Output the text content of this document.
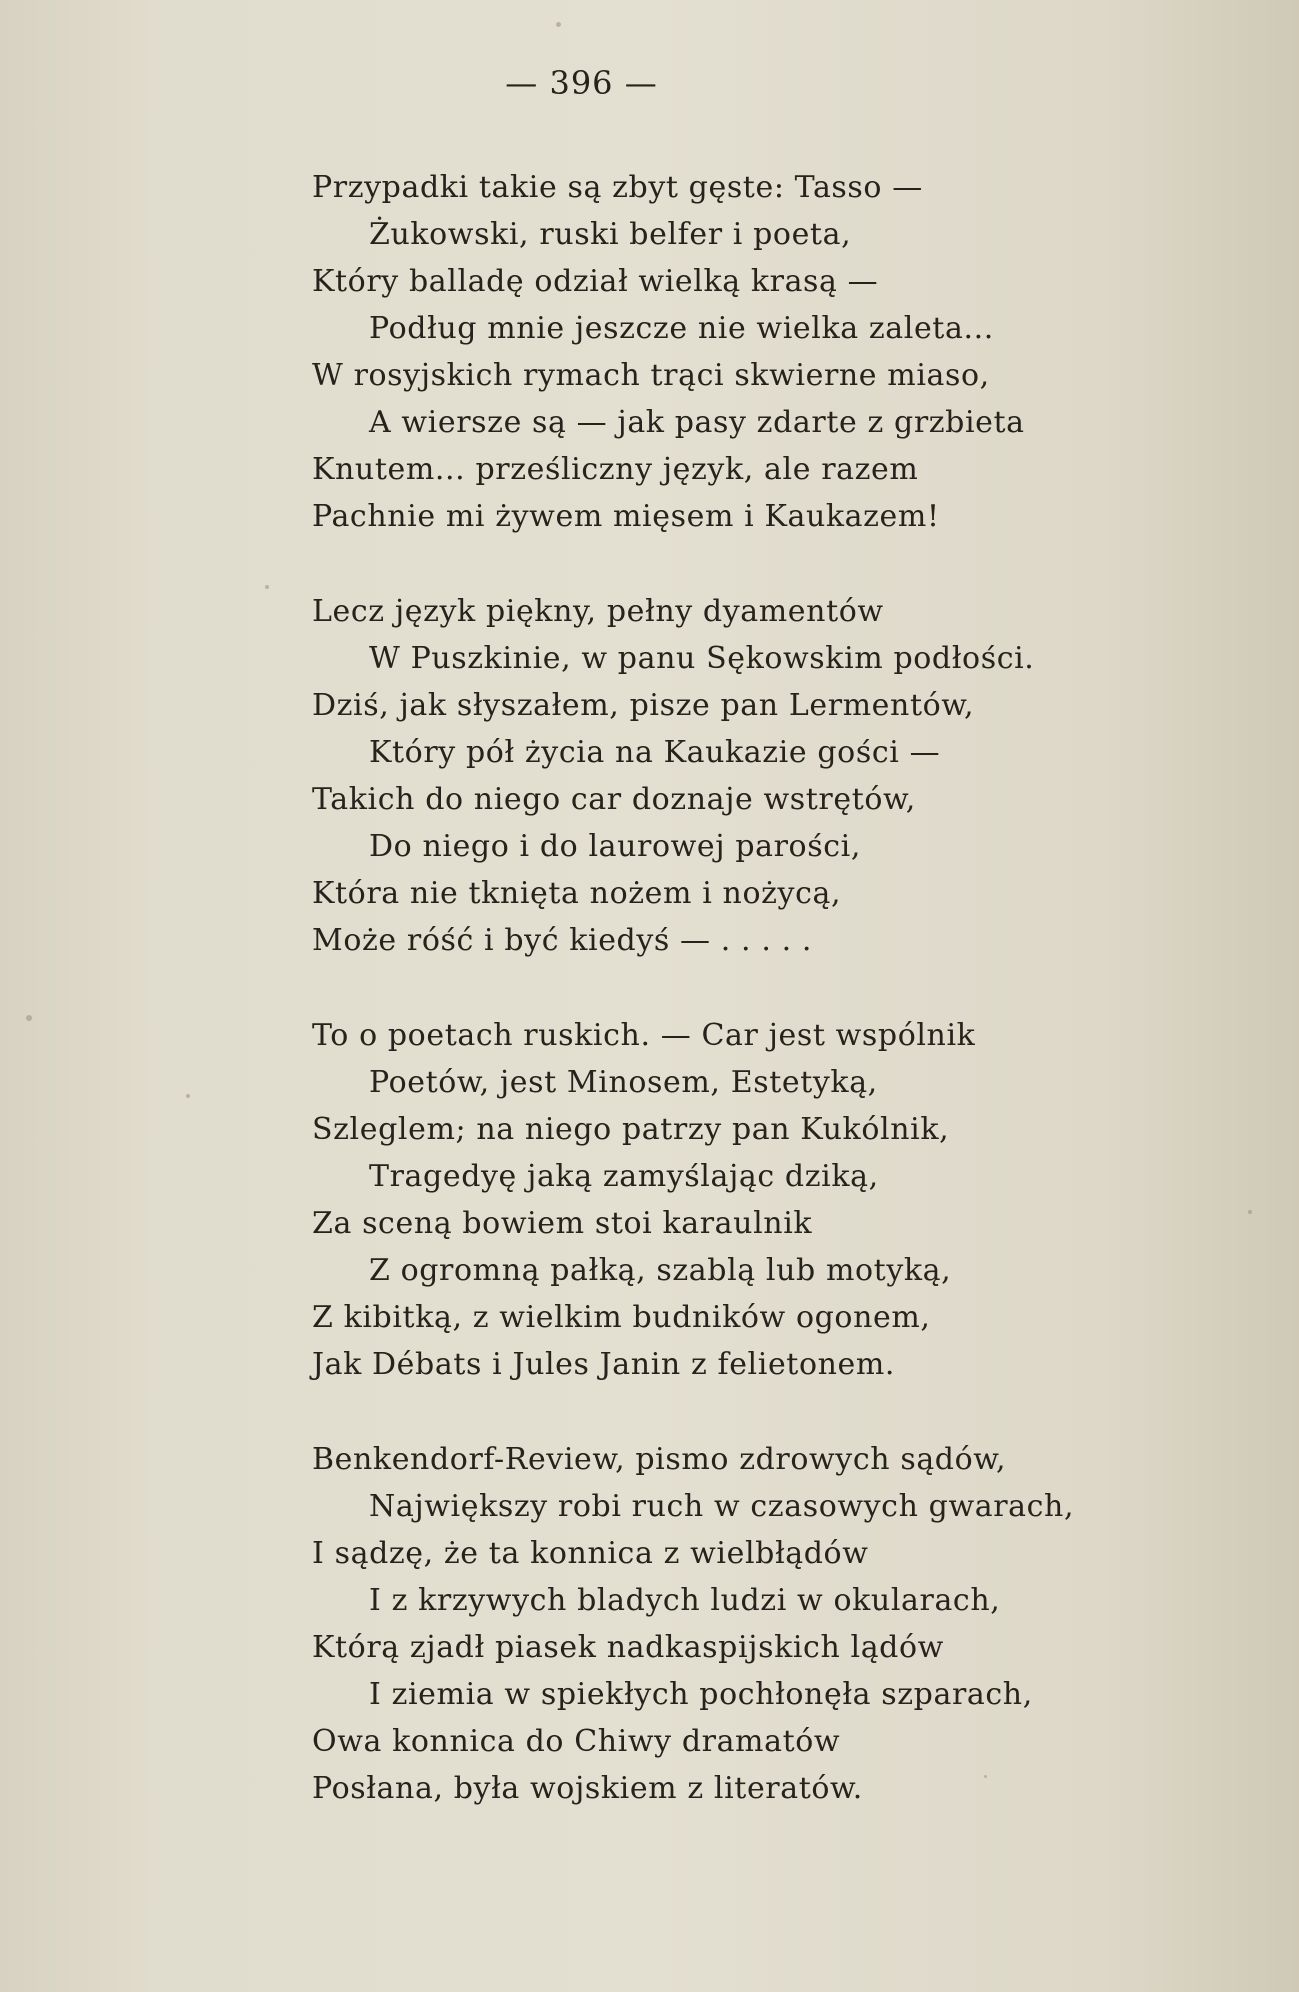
— 396 —
Przypadki takie są zbyt gęste: Tasso —
Żukowski, ruski belfer i poeta,
Który balladę odział wielką krasą —
Podług mnie jeszcze nie wielka zaleta...
W rosyjskich rymach trąci skwierne miaso,
A wiersze są — jak pasy zdarte z grzbieta
Knutem... prześliczny język, ale razem
Pachnie mi żywem mięsem i Kaukazem!
Lecz język piękny, pełny dyamentów
W Puszkinie, w panu Sękowskim podłości.
Dziś, jak słyszałem, pisze pan Lermentów,
Który pół życia na Kaukazie gości —
Takich do niego car doznaje wstrętów,
Do niego i do laurowej parości,
Która nie tknięta nożem i nożycą,
Może róść i być kiedyś — . . . . .
To o poetach ruskich. — Car jest wspólnik
Poetów, jest Minosem, Estetyką,
Szleglem; na niego patrzy pan Kukólnik,
Tragedyę jaką zamyślając dziką,
Za sceną bowiem stoi karaulnik
Z ogromną pałką, szablą lub motyką,
Z kibitką, z wielkim budników ogonem,
Jak Débats i Jules Janin z felietonem.
Benkendorf-Review, pismo zdrowych sądów,
Największy robi ruch w czasowych gwarach,
I sądzę, że ta konnica z wielbłądów
I z krzywych bladych ludzi w okularach,
Którą zjadł piasek nadkaspijskich lądów
I ziemia w spiekłych pochłonęła szparach,
Owa konnica do Chiwy dramatów
Posłana, była wojskiem z literatów.
